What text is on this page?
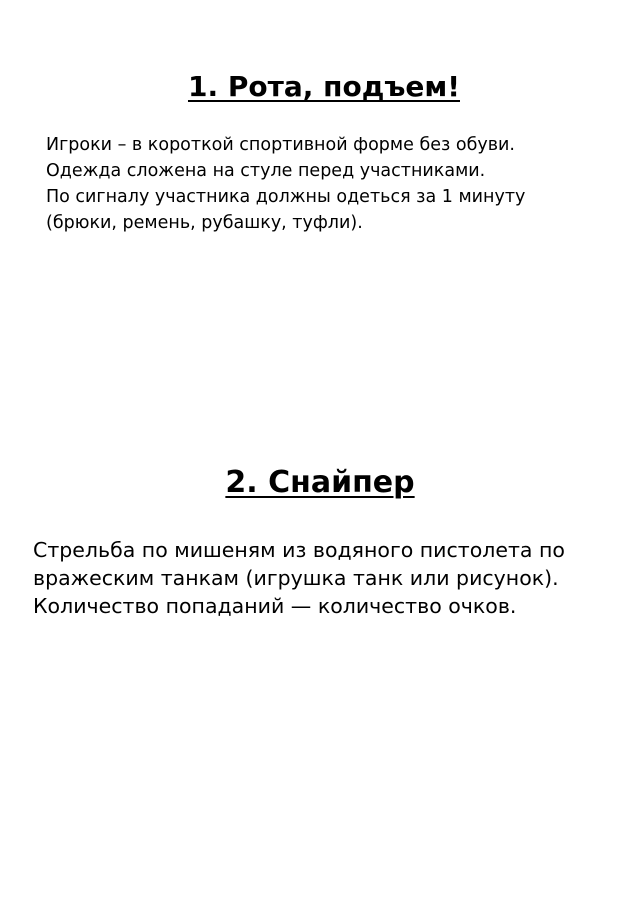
1. Рота, подъем!

Игроки – в короткой спортивной форме без обуви. Одежда сложена на стуле перед участниками.

По сигналу участника должны одеться за 1 минуту (брюки, ремень, рубашку, туфли).

2. Снайпер

Стрельба по мишеням из водяного пистолета по вражеским танкам (игрушка танк или рисунок). Количество попаданий — количество очков.
